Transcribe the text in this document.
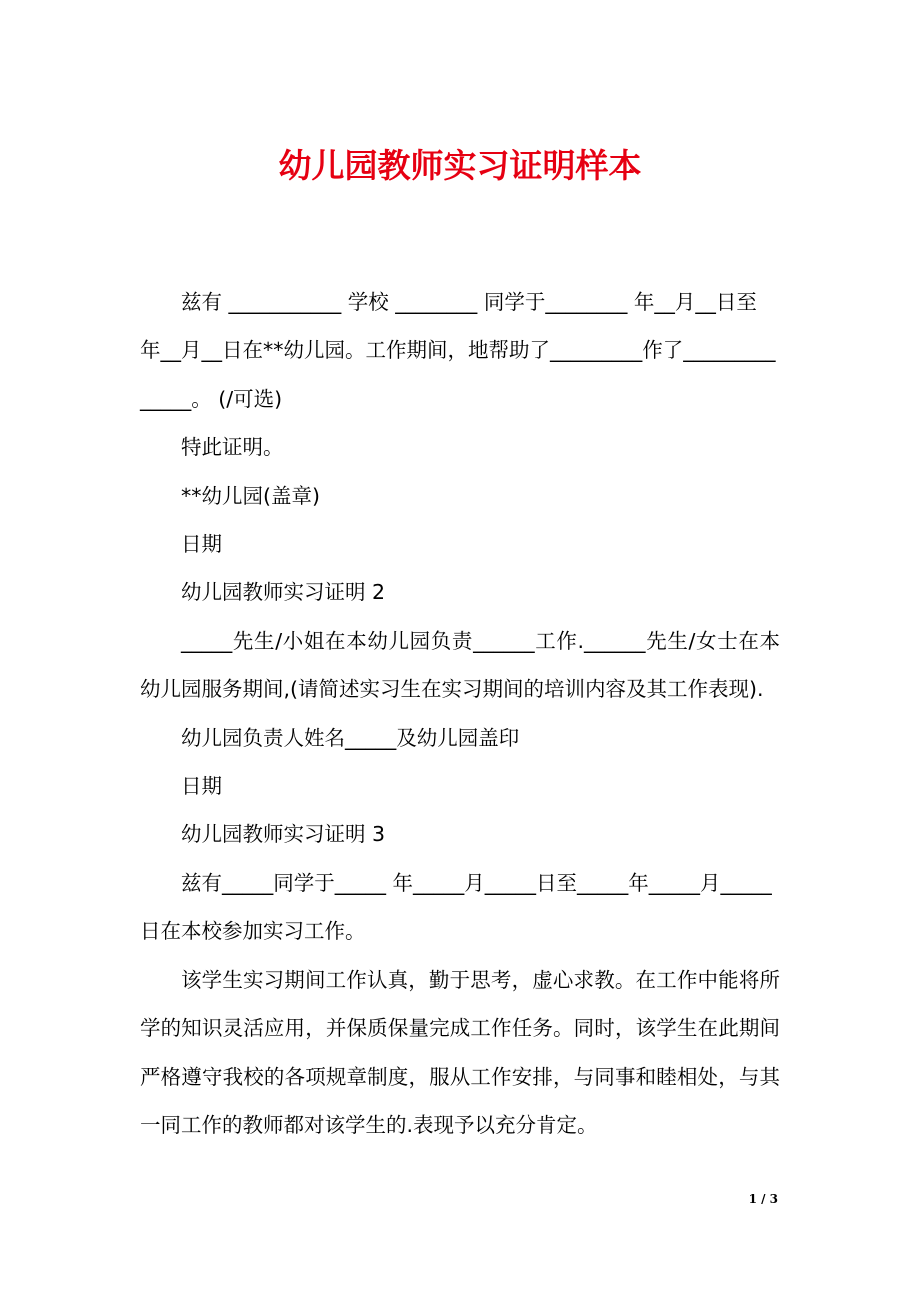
幼儿园教师实习证明样本

兹有 ___________ 学校 ________ 同学于________ 年__月__日至 年__月__日在**幼儿园。工作期间，地帮助了_________作了______________。 (/可选)

特此证明。

**幼儿园(盖章)

日期

幼儿园教师实习证明 2

_____先生/小姐在本幼儿园负责______工作.______先生/女士在本幼儿园服务期间,(请简述实习生在实习期间的培训内容及其工作表现).

幼儿园负责人姓名_____及幼儿园盖印

日期

幼儿园教师实习证明 3

兹有_____同学于_____ 年_____月_____日至_____年_____月_____ 日在本校参加实习工作。

该学生实习期间工作认真，勤于思考，虚心求教。在工作中能将所学的知识灵活应用，并保质保量完成工作任务。同时，该学生在此期间严格遵守我校的各项规章制度，服从工作安排，与同事和睦相处，与其一同工作的教师都对该学生的.表现予以充分肯定。

1 / 3
